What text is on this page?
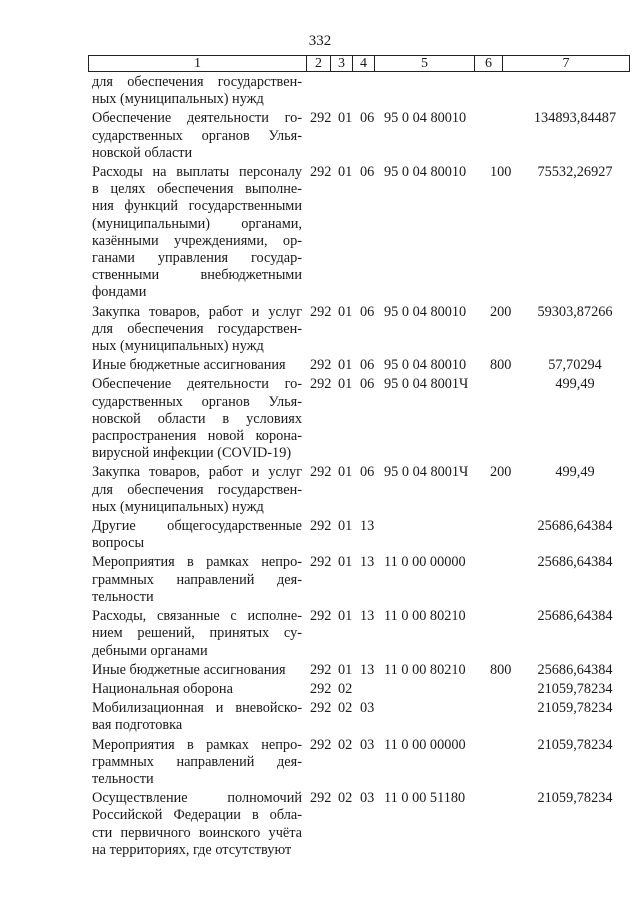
332
1	2	3	4	5	6	7
для обеспечения государствен-
ных (муниципальных) нужд
Обеспечение деятельности го-
сударственных органов Улья-
новской области
292 01 06 95 0 04 80010	134893,84487
Расходы на выплаты персоналу
в целях обеспечения выполне-
ния функций государственными
(муниципальными) органами,
казёнными учреждениями, ор-
ганами управления государ-
ственными внебюджетными
фондами
292 01 06 95 0 04 80010	100	75532,26927
Закупка товаров, работ и услуг
для обеспечения государствен-
ных (муниципальных) нужд
292 01 06 95 0 04 80010	200	59303,87266
Иные бюджетные ассигнования	292 01 06 95 0 04 80010	800	57,70294
Обеспечение деятельности го-
сударственных органов Улья-
новской области в условиях
распространения новой корона-
вирусной инфекции (COVID-19)
292 01 06 95 0 04 8001Ч	499,49
Закупка товаров, работ и услуг
для обеспечения государствен-
ных (муниципальных) нужд
292 01 06 95 0 04 8001Ч	200	499,49
Другие общегосударственные
вопросы
292 01 13	25686,64384
Мероприятия в рамках непро-
граммных направлений дея-
тельности
292 01 13 11 0 00 00000	25686,64384
Расходы, связанные с исполне-
нием решений, принятых су-
дебными органами
292 01 13 11 0 00 80210	25686,64384
Иные бюджетные ассигнования	292 01 13 11 0 00 80210	800	25686,64384
Национальная оборона	292 02	21059,78234
Мобилизационная и вневойско-
вая подготовка
292 02 03	21059,78234
Мероприятия в рамках непро-
граммных направлений дея-
тельности
292 02 03 11 0 00 00000	21059,78234
Осуществление полномочий
Российской Федерации в обла-
сти первичного воинского учёта
на территориях, где отсутствуют
292 02 03 11 0 00 51180	21059,78234
